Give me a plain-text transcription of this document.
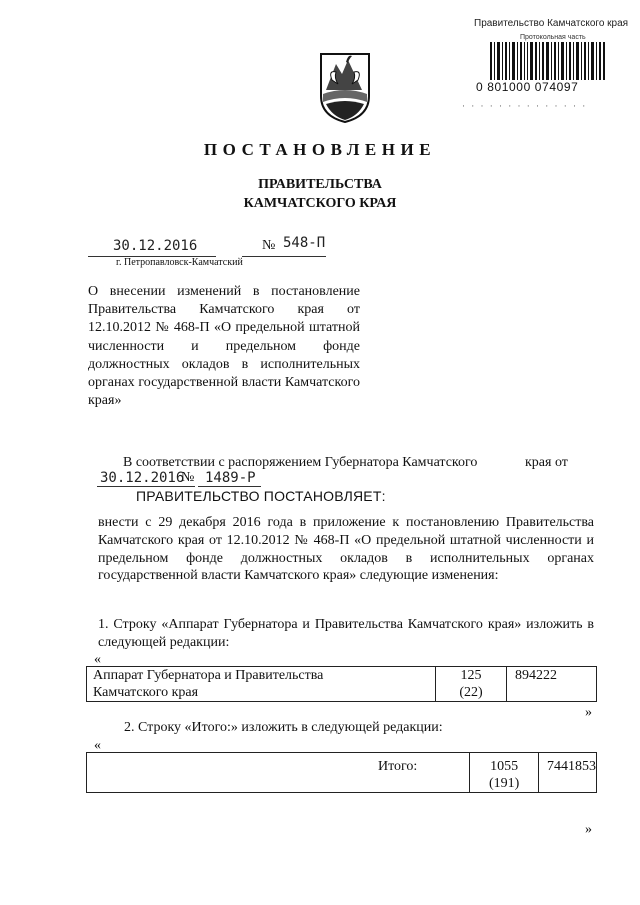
Правительство Камчатского края
Протокольная часть
0 801000 074097
· · · · · · · · · · · · · ·
ПОСТАНОВЛЕНИЕ
ПРАВИТЕЛЬСТВА
КАМЧАТСКОГО КРАЯ
30.12.2016	№ 548-П
г. Петропавловск-Камчатский
О внесении изменений в постановление Правительства Камчатского края от 12.10.2012 № 468-П «О предельной штатной численности и предельном фонде должностных окладов в исполнительных органах государственной власти Камчатского края»
В соответствии с распоряжением Губернатора Камчатского	края от
30.12.2016
№ 1489-Р
ПРАВИТЕЛЬСТВО ПОСТАНОВЛЯЕТ:
внести с 29 декабря 2016 года в приложение к постановлению Правительства Камчатского края от 12.10.2012 № 468-П «О предельной штатной численности и предельном фонде должностных окладов в исполнительных органах государственной власти Камчатского края» следующие изменения:
1. Строку «Аппарат Губернатора и Правительства Камчатского края» изложить в следующей редакции:
«
Аппарат Губернатора и Правительства
Камчатского края

125
(22)
	894222
»
2. Строку «Итого:» изложить в следующей редакции:
«
Итого:	1055
(191)
	7441853
»
